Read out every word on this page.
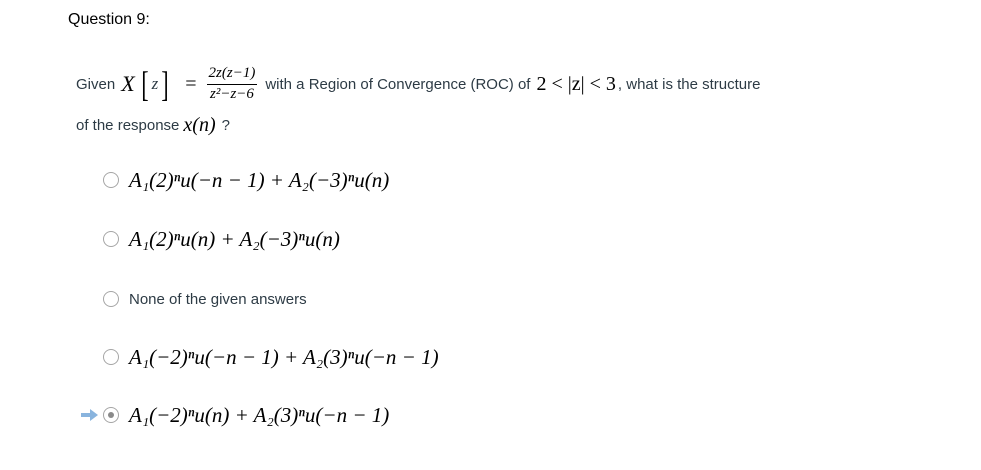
Question 9:
Given X [ z ] = $\frac{2z(z-1)}{\text{z²−z−6}}$ with a Region of Convergence (ROC) of 2 < |z| < 3 , what is the structure
of the response x(n) ?
A₁(2)ⁿu(−n − 1) + A₂(−3)ⁿu(n)
A₁(2)ⁿu(n) + A₂(−3)ⁿu(n)
None of the given answers
A₁(−2)ⁿu(−n − 1) + A₂(3)ⁿu(−n − 1)
A₁(−2)ⁿu(n) + A₂(3)ⁿu(−n − 1)
